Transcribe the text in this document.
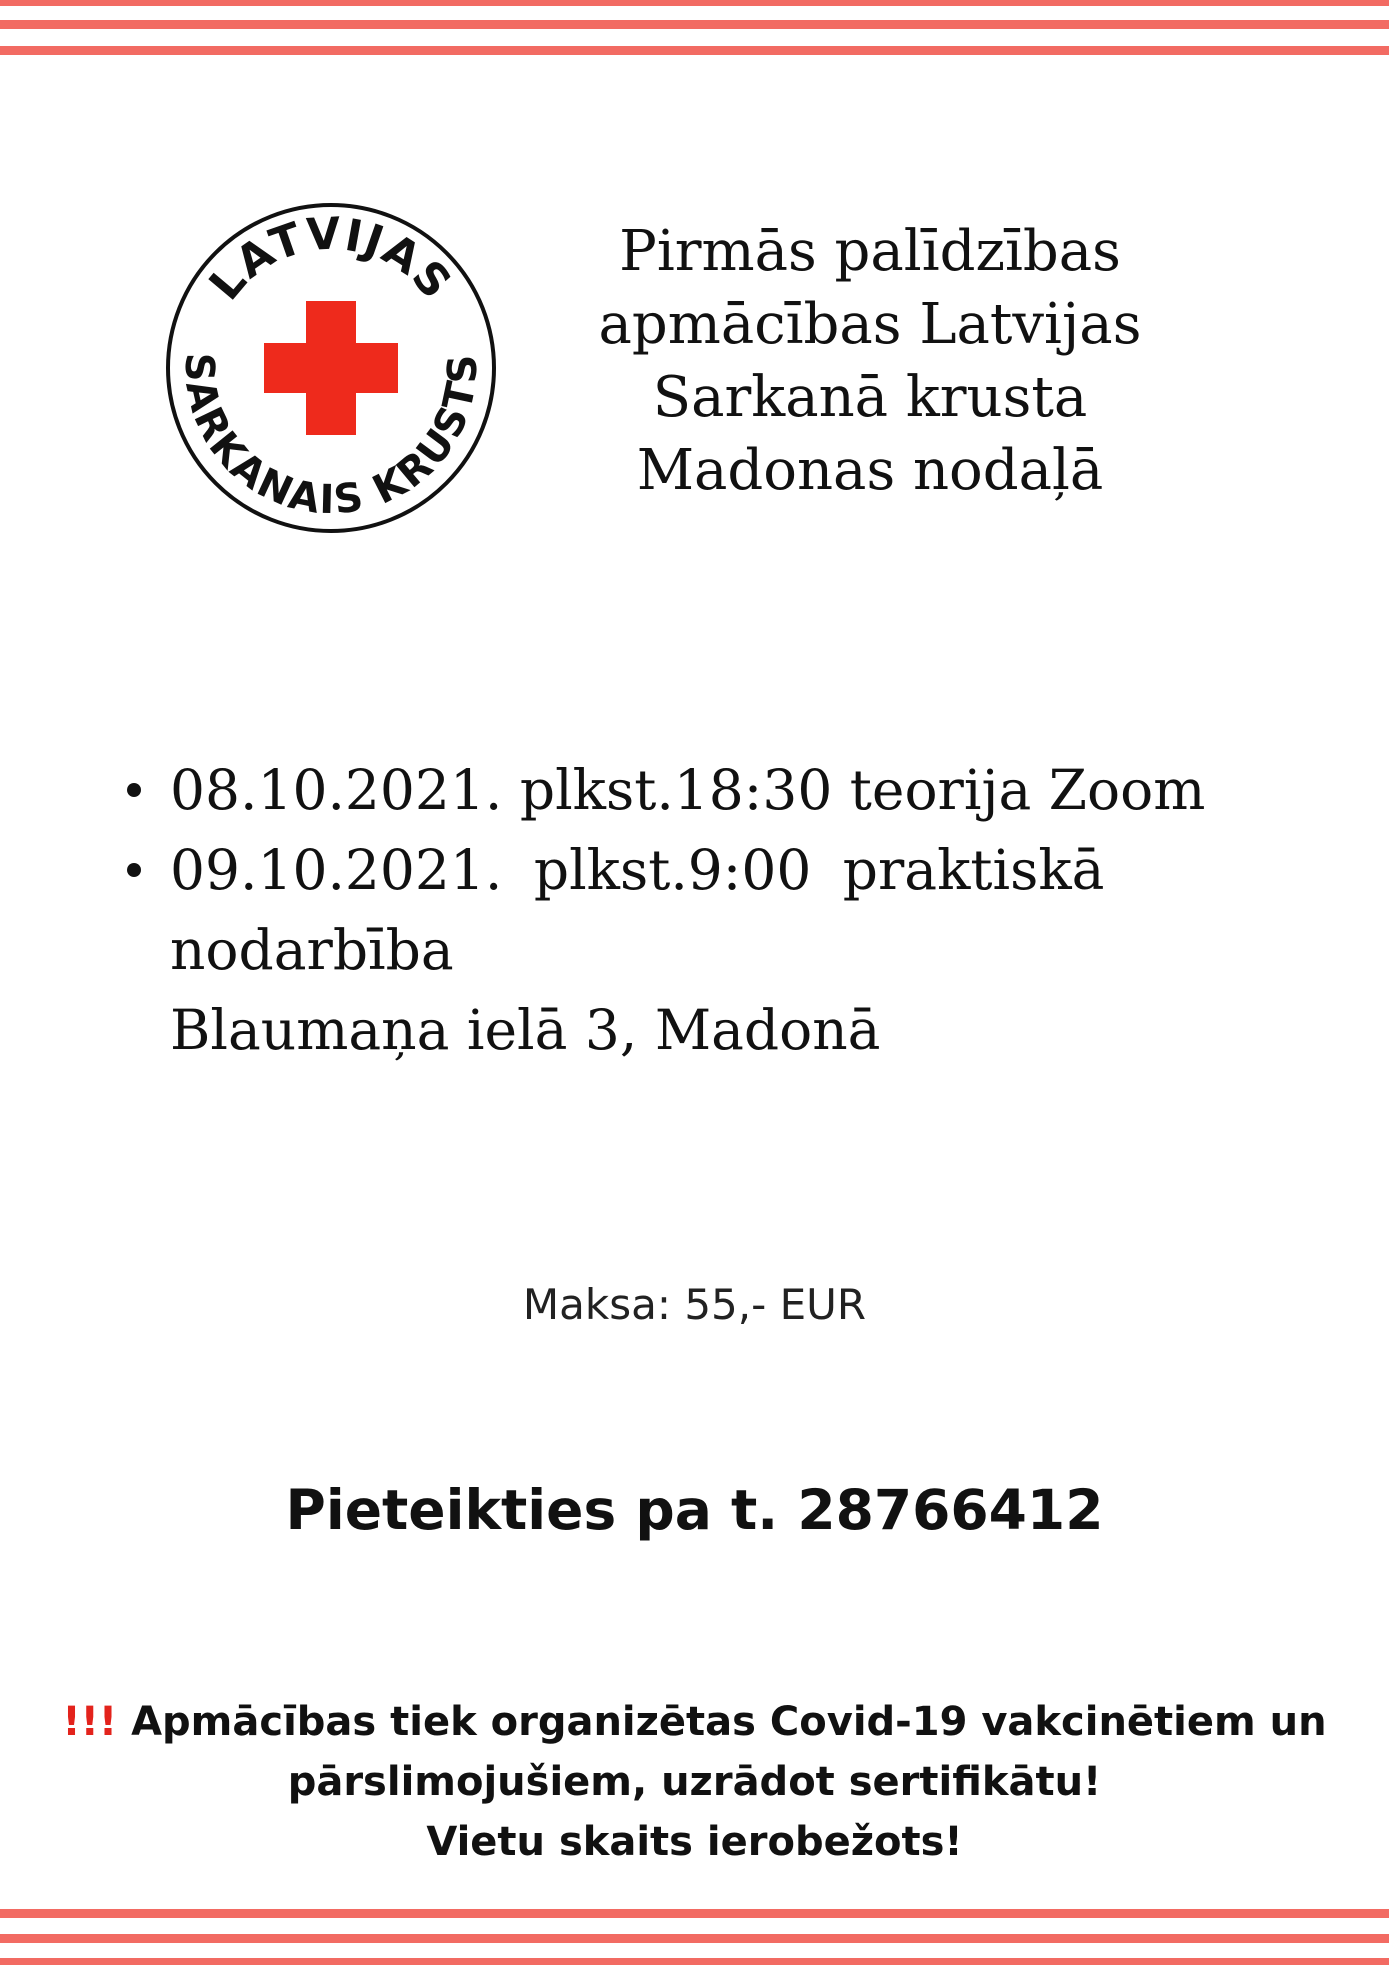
LATVIJAS
SARKANAIS KRUSTS
Pirmās palīdzības
apmācības Latvijas
Sarkanā krusta
Madonas nodaļā
08.10.2021. plkst.18:30 teorija Zoom
09.10.2021. plkst.9:00 praktiskā nodarbība
Blaumaņa ielā 3, Madonā
Maksa: 55,- EUR
Pieteikties pa t. 28766412
!!! Apmācības tiek organizētas Covid-19 vakcinētiem un
pārslimojušiem, uzrādot sertifikātu!
Vietu skaits ierobežots!
